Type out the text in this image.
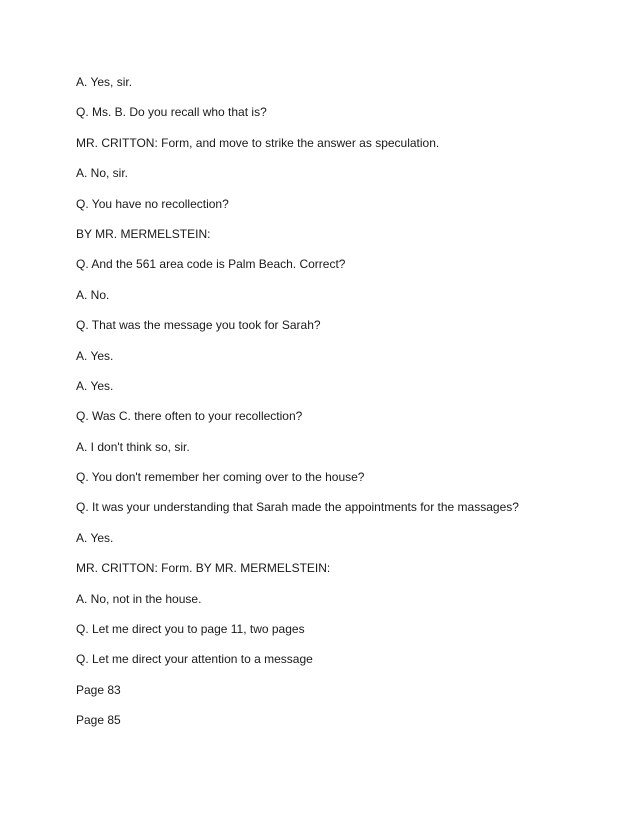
A. Yes, sir.

Q. Ms. B. Do you recall who that is?

MR. CRITTON: Form, and move to strike the answer as speculation.

A. No, sir.

Q. You have no recollection?

BY MR. MERMELSTEIN:

Q. And the 561 area code is Palm Beach. Correct?

A. No.

Q. That was the message you took for Sarah?

A. Yes.

A. Yes.

Q. Was C. there often to your recollection?

A. I don't think so, sir.

Q. You don't remember her coming over to the house?

Q. It was your understanding that Sarah made the appointments for the massages?

A. Yes.

MR. CRITTON: Form. BY MR. MERMELSTEIN:

A. No, not in the house.

Q. Let me direct you to page 11, two pages

Q. Let me direct your attention to a message

Page 83

Page 85
